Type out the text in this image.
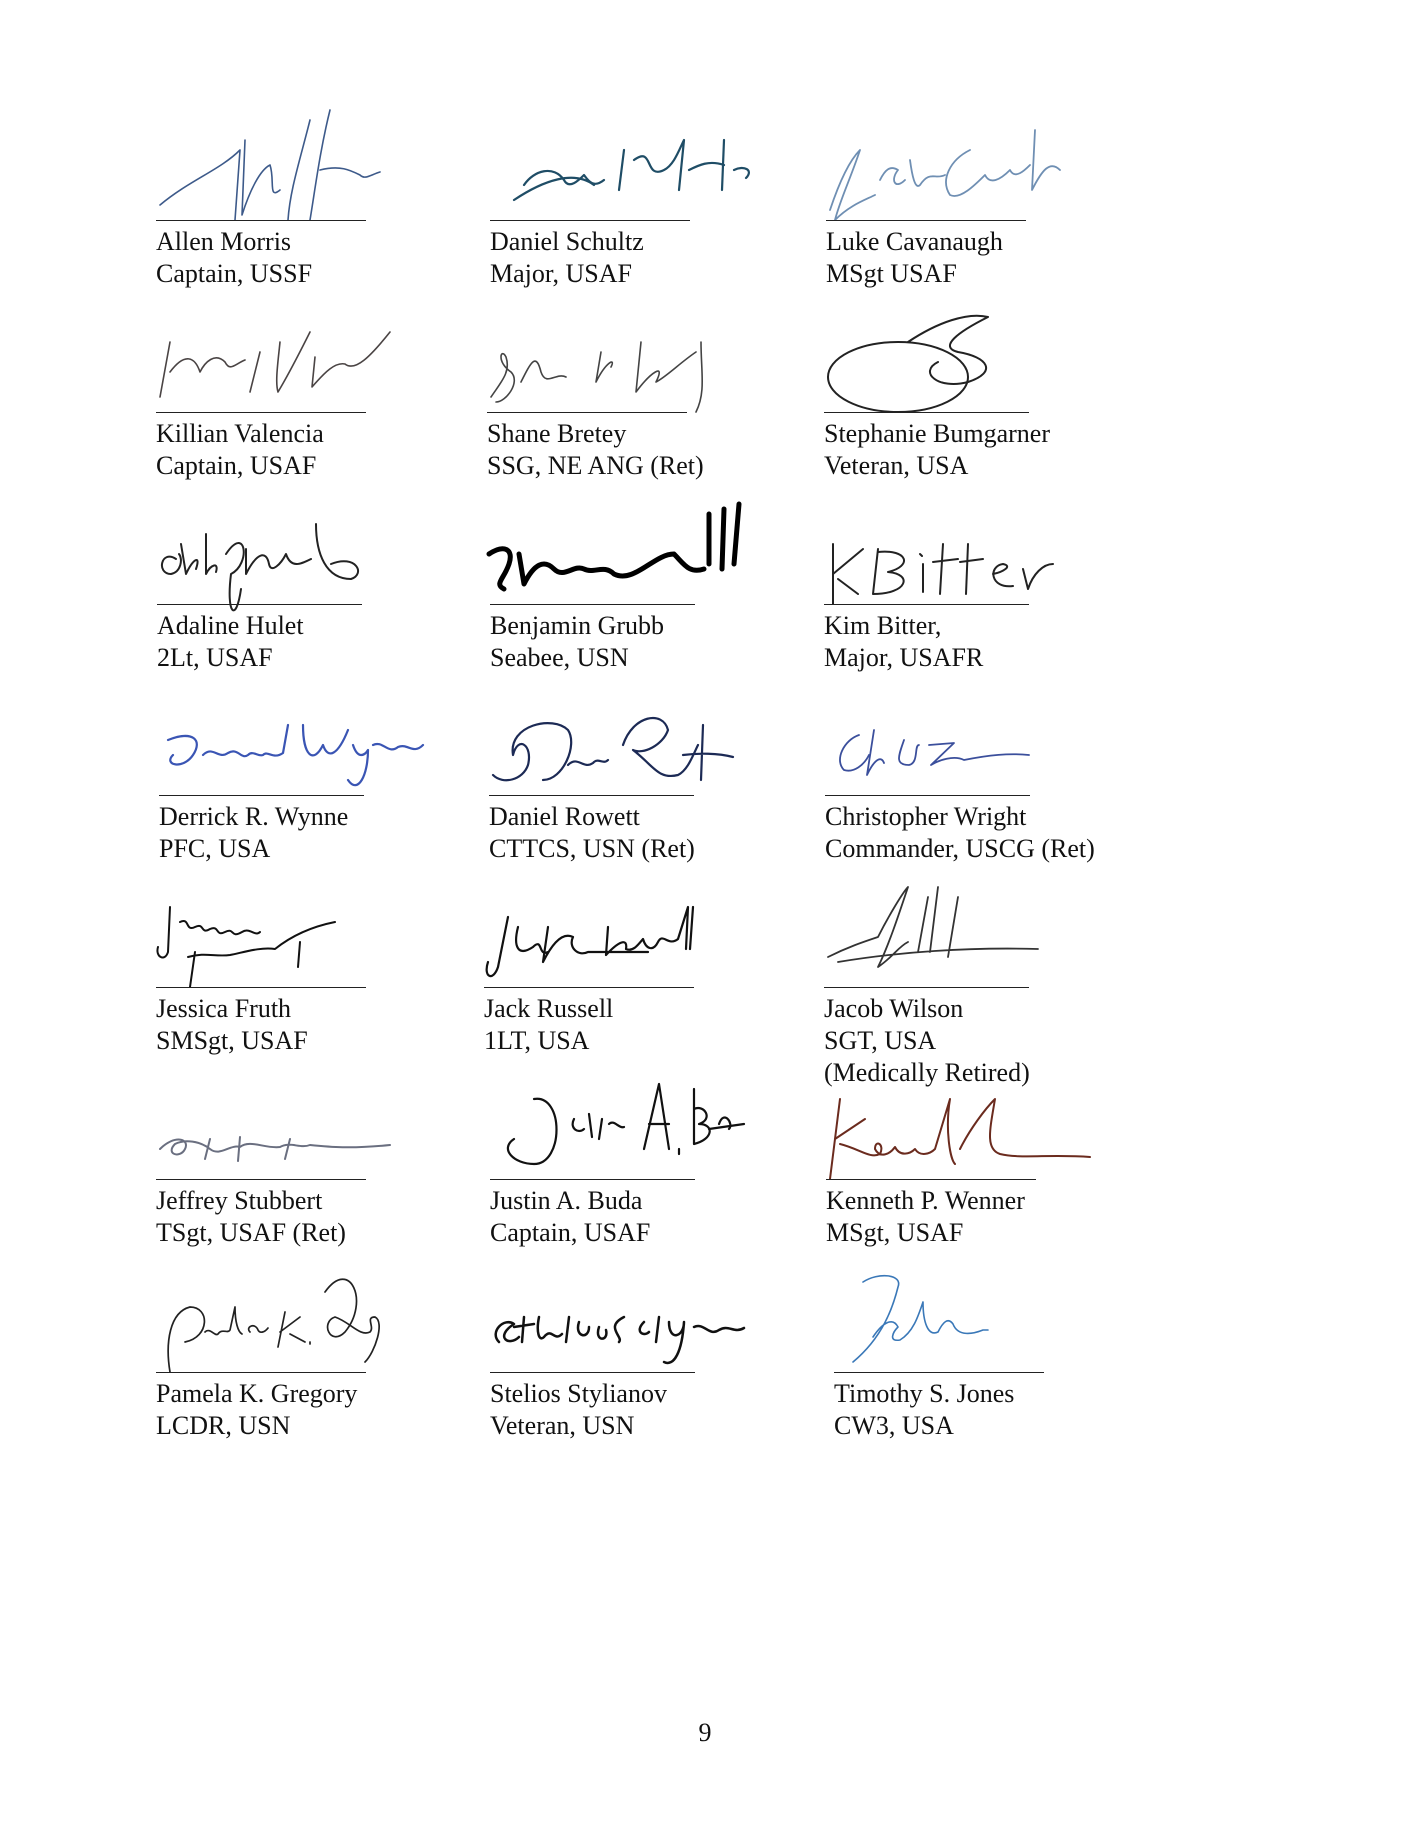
Allen Morris
Captain, USSF
Daniel Schultz
Major, USAF
Luke Cavanaugh
MSgt USAF
Killian Valencia
Captain, USAF
Shane Bretey
SSG, NE ANG (Ret)
Stephanie Bumgarner
Veteran, USA
Adaline Hulet
2Lt, USAF
Benjamin Grubb
Seabee, USN
Kim Bitter,
Major, USAFR
Derrick R. Wynne
PFC, USA
Daniel Rowett
CTTCS, USN (Ret)
Christopher Wright
Commander, USCG (Ret)
Jessica Fruth
SMSgt, USAF
Jack Russell
1LT, USA
Jacob Wilson
SGT, USA
(Medically Retired)
Jeffrey Stubbert
TSgt, USAF (Ret)
Justin A. Buda
Captain, USAF
Kenneth P. Wenner
MSgt, USAF
Pamela K. Gregory
LCDR, USN
Stelios Stylianov
Veteran, USN
Timothy S. Jones
CW3, USA
9
